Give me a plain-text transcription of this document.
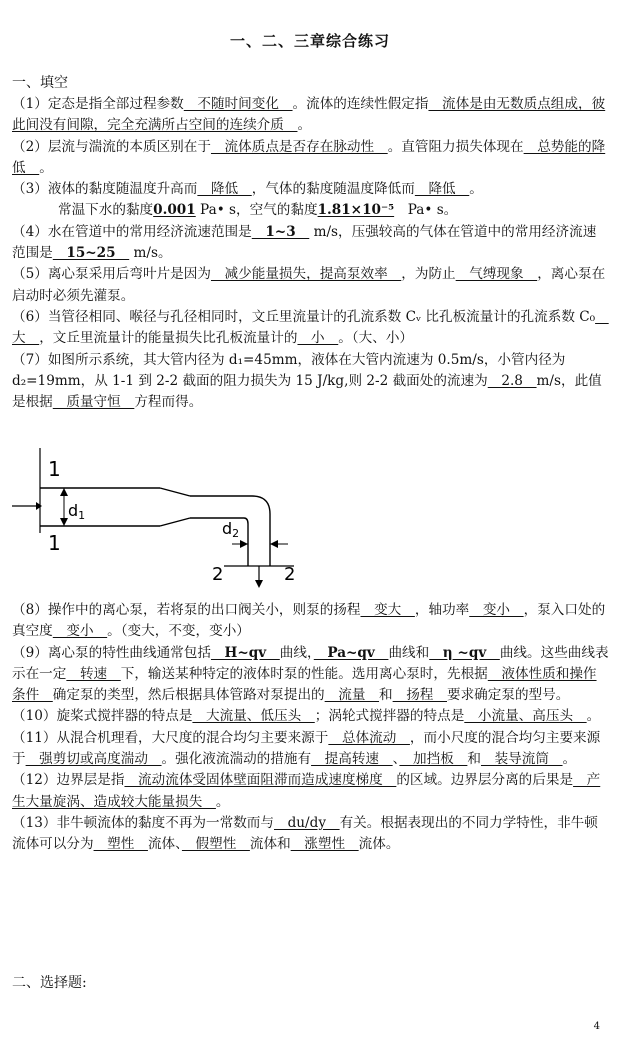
一、二、三章综合练习
一、填空

（1）定态是指全部过程参数　不随时间变化　。流体的连续性假定指　流体是由无数质点组成，彼此间没有间隙，完全充满所占空间的连续介质　。

（2）层流与湍流的本质区别在于　流体质点是否存在脉动性　。直管阻力损失体现在　总势能的降低　。

（3）液体的黏度随温度升高而　降低　，气体的黏度随温度降低而　降低　。

常温下水的黏度0.001 Pa• s，空气的黏度1.81×10⁻⁵　Pa• s。

（4）水在管道中的常用经济流速范围是　1~3　 m/s，压强较高的气体在管道中的常用经济流速范围是　15~25　 m/s。

（5）离心泵采用后弯叶片是因为　减少能量损失，提高泵效率　，为防止　气缚现象　，离心泵在启动时必须先灌泵。

（6）当管径相同、喉径与孔径相同时，文丘里流量计的孔流系数 Cᵥ 比孔板流量计的孔流系数 C₀　大　，文丘里流量计的能量损失比孔板流量计的　小　。（大、小）

（7）如图所示系统，其大管内径为 d₁=45mm，液体在大管内流速为 0.5m/s，小管内径为 d₂=19mm，从 1-1 到 2-2 截面的阻力损失为 15 J/kg,则 2-2 截面处的流速为　2.8　m/s，此值是根据　质量守恒　方程而得。

1
1
d1
d2
2	2

（8）操作中的离心泵，若将泵的出口阀关小，则泵的扬程　变大　，轴功率　变小　，泵入口处的真空度　变小　。（变大，不变，变小）

（9）离心泵的特性曲线通常包括　H~qv　曲线，　Pa~qv　曲线和　η ~qv　曲线。这些曲线表示在一定　转速　下，输送某种特定的液体时泵的性能。选用离心泵时，先根据　液体性质和操作条件　确定泵的类型，然后根据具体管路对泵提出的　流量　和　扬程　要求确定泵的型号。

（10）旋桨式搅拌器的特点是　大流量、低压头　；涡轮式搅拌器的特点是　小流量、高压头　。

（11）从混合机理看，大尺度的混合均匀主要来源于　总体流动　，而小尺度的混合均匀主要来源于　强剪切或高度湍动　。强化液流湍动的措施有　提高转速　、　加挡板　和　装导流筒　。

（12）边界层是指　流动流体受固体壁面阻滞而造成速度梯度　的区域。边界层分离的后果是　产生大量旋涡、造成较大能量损失　。

（13）非牛顿流体的黏度不再为一常数而与　du/dy　有关。根据表现出的不同力学特性，非牛顿流体可以分为　塑性　流体、　假塑性　流体和　涨塑性　流体。

二、选择题:
4
